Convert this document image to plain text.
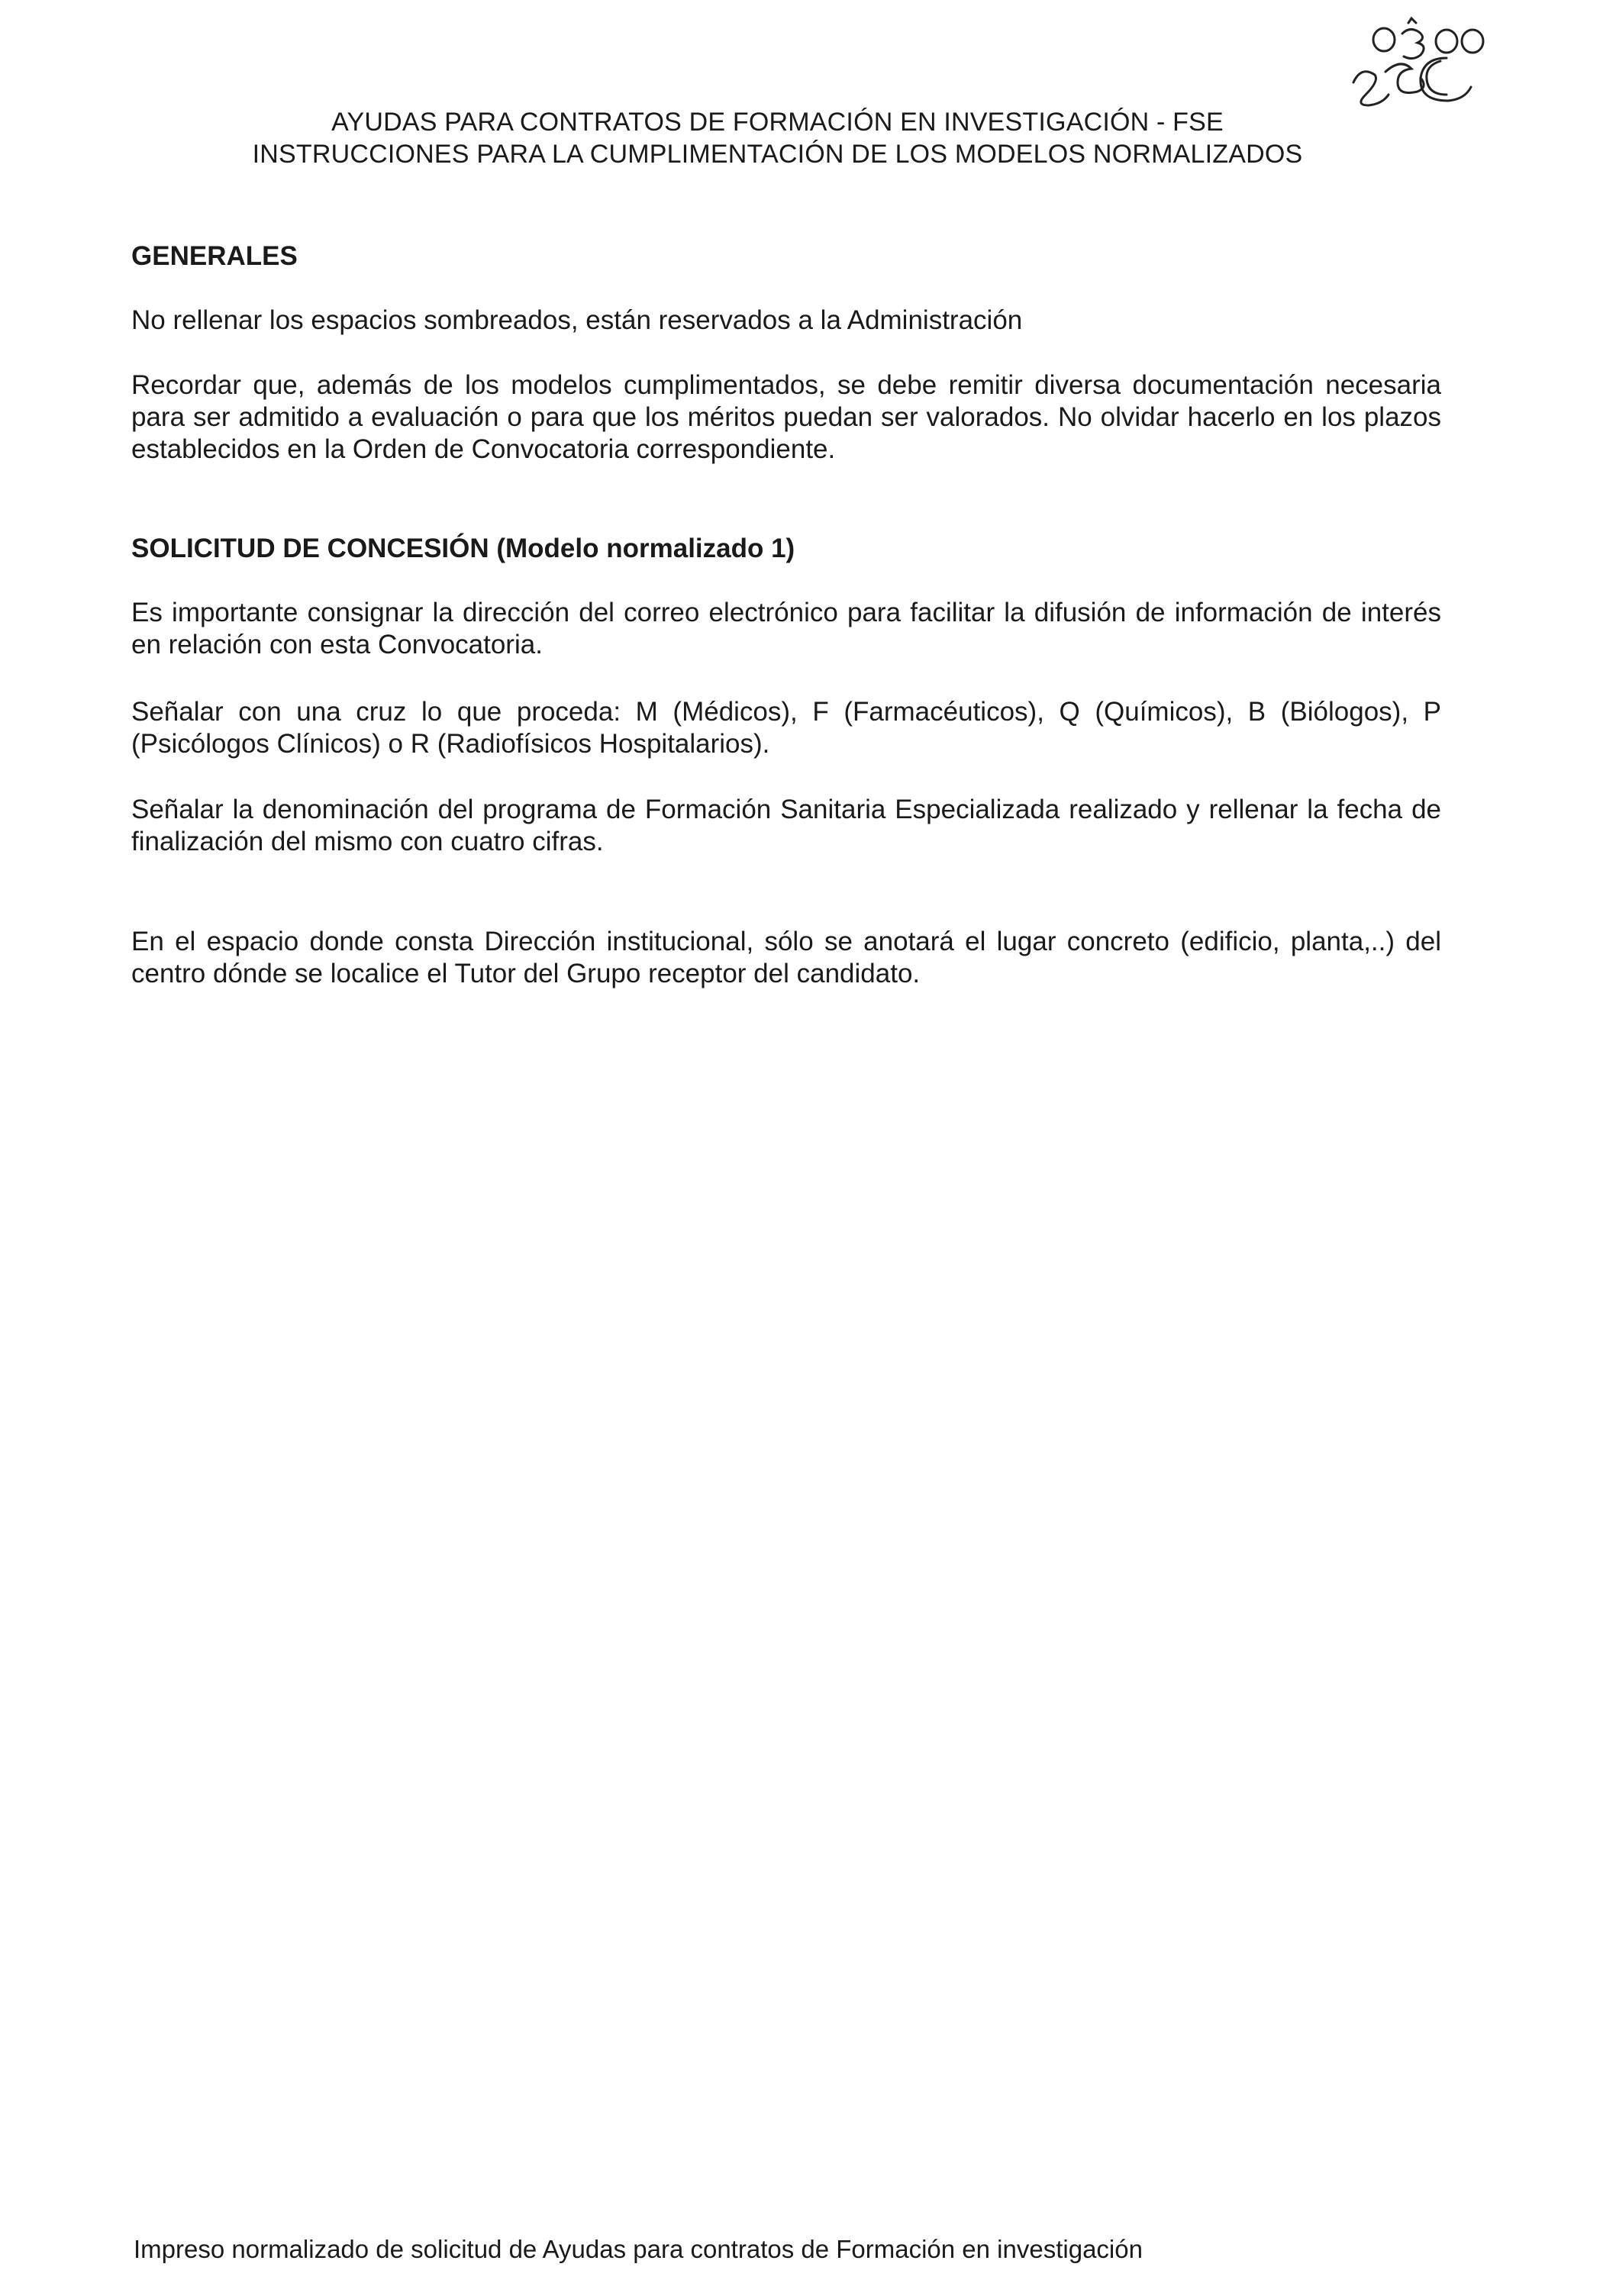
AYUDAS PARA CONTRATOS DE FORMACIÓN EN INVESTIGACIÓN - FSE
INSTRUCCIONES PARA LA CUMPLIMENTACIÓN DE LOS MODELOS NORMALIZADOS
GENERALES
No rellenar los espacios sombreados, están reservados a la Administración
Recordar que, además de los modelos cumplimentados, se debe remitir diversa documentación necesaria para ser admitido a evaluación o para que los méritos puedan ser valorados. No olvidar hacerlo en los plazos establecidos en la Orden de Convocatoria correspondiente.
SOLICITUD DE CONCESIÓN (Modelo normalizado 1)
Es importante consignar la dirección del correo electrónico para facilitar la difusión de información de interés en relación con esta Convocatoria.
Señalar con una cruz lo que proceda: M (Médicos), F (Farmacéuticos), Q (Químicos), B (Biólogos), P (Psicólogos Clínicos) o R (Radiofísicos Hospitalarios).
Señalar la denominación del programa de Formación Sanitaria Especializada realizado y rellenar la fecha de finalización del mismo con cuatro cifras.
En el espacio donde consta Dirección institucional, sólo se anotará el lugar concreto (edificio, planta,..) del centro dónde se localice el Tutor del Grupo receptor del candidato.
Impreso normalizado de solicitud de Ayudas para contratos de Formación en investigación
